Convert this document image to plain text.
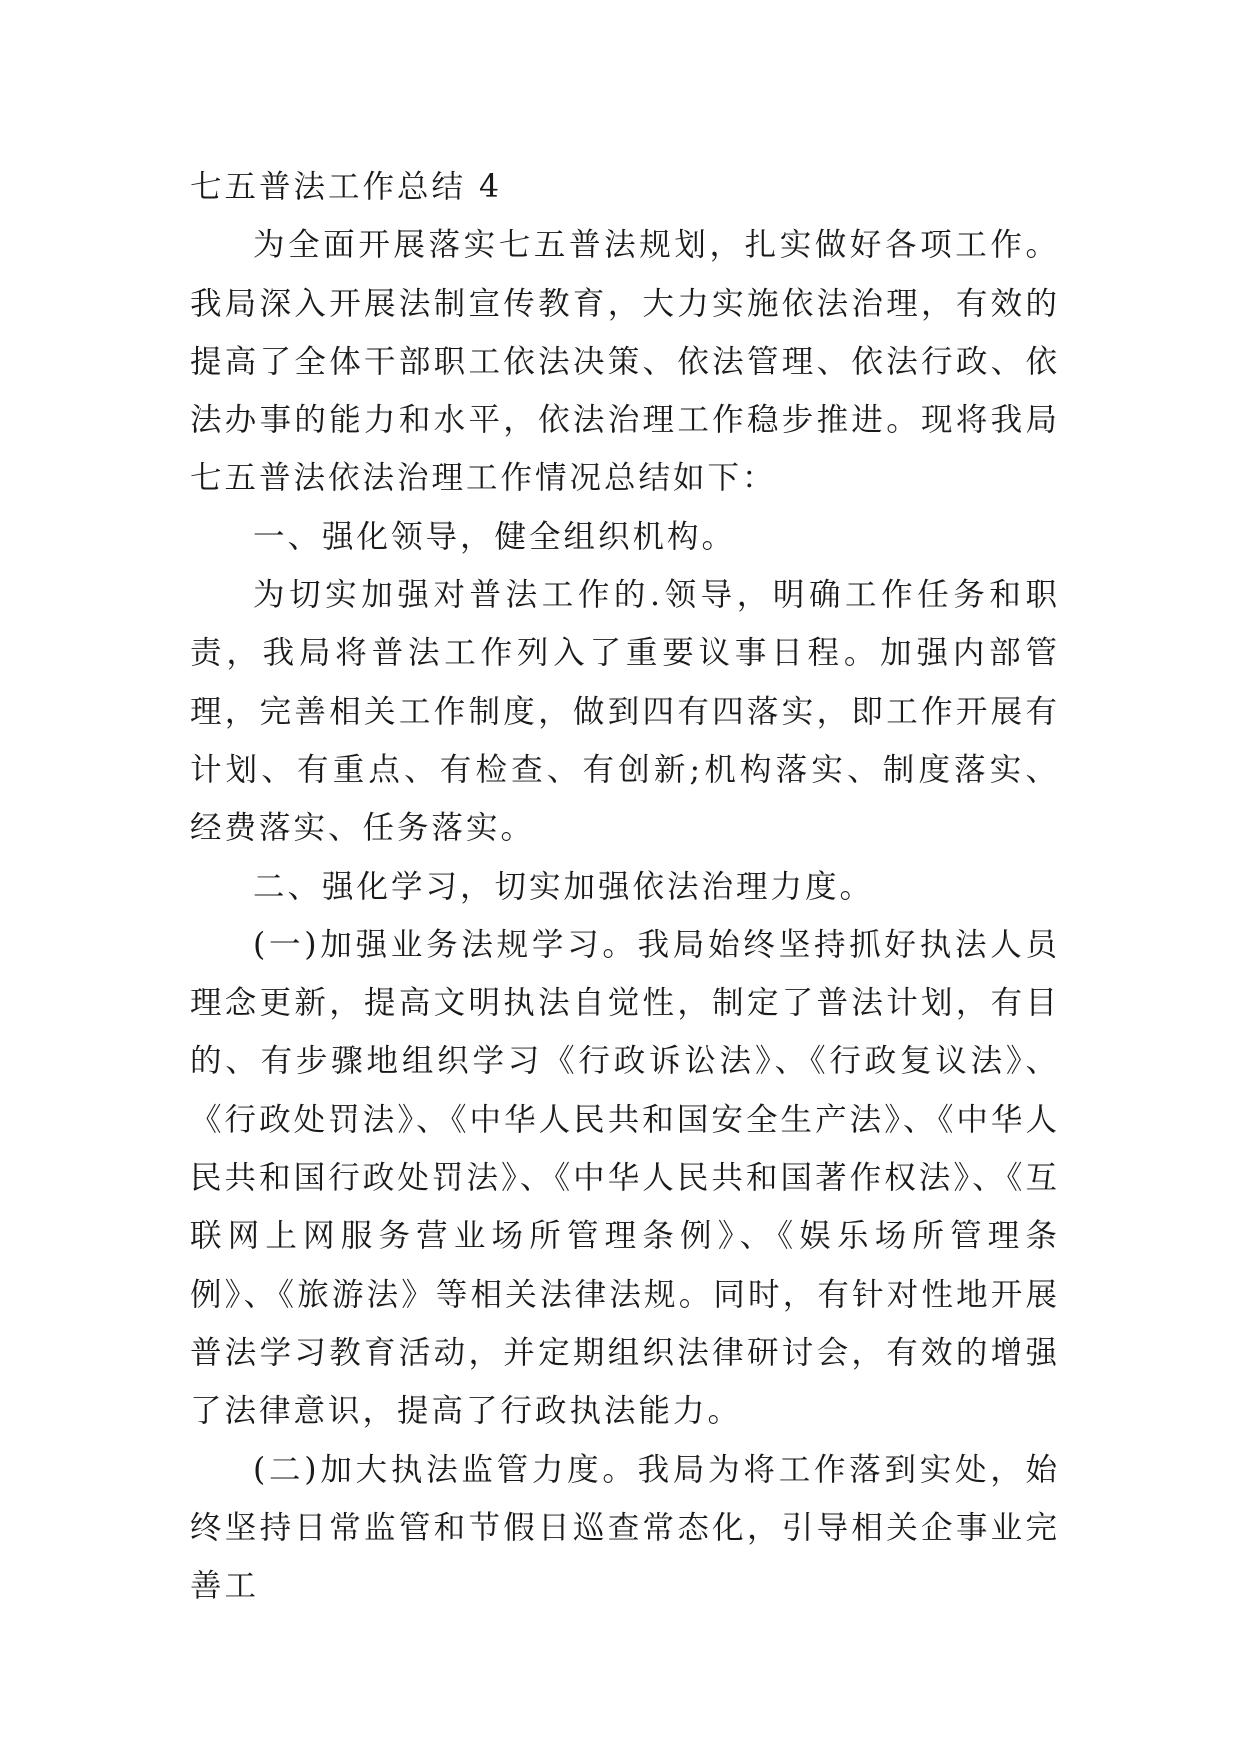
七五普法工作总结 4

为全面开展落实七五普法规划，扎实做好各项工作。我局深入开展法制宣传教育，大力实施依法治理，有效的提高了全体干部职工依法决策、依法管理、依法行政、依法办事的能力和水平，依法治理工作稳步推进。现将我局七五普法依法治理工作情况总结如下：

一、强化领导，健全组织机构。

为切实加强对普法工作的.领导，明确工作任务和职责，我局将普法工作列入了重要议事日程。加强内部管理，完善相关工作制度，做到四有四落实，即工作开展有计划、有重点、有检查、有创新;机构落实、制度落实、经费落实、任务落实。

二、强化学习，切实加强依法治理力度。

(一)加强业务法规学习。我局始终坚持抓好执法人员理念更新，提高文明执法自觉性，制定了普法计划，有目的、有步骤地组织学习《行政诉讼法》、《行政复议法》、《行政处罚法》、《中华人民共和国安全生产法》、《中华人民共和国行政处罚法》、《中华人民共和国著作权法》、《互联网上网服务营业场所管理条例》、《娱乐场所管理条例》、《旅游法》等相关法律法规。同时，有针对性地开展普法学习教育活动，并定期组织法律研讨会，有效的增强了法律意识，提高了行政执法能力。

(二)加大执法监管力度。我局为将工作落到实处，始终坚持日常监管和节假日巡查常态化，引导相关企事业完善工
